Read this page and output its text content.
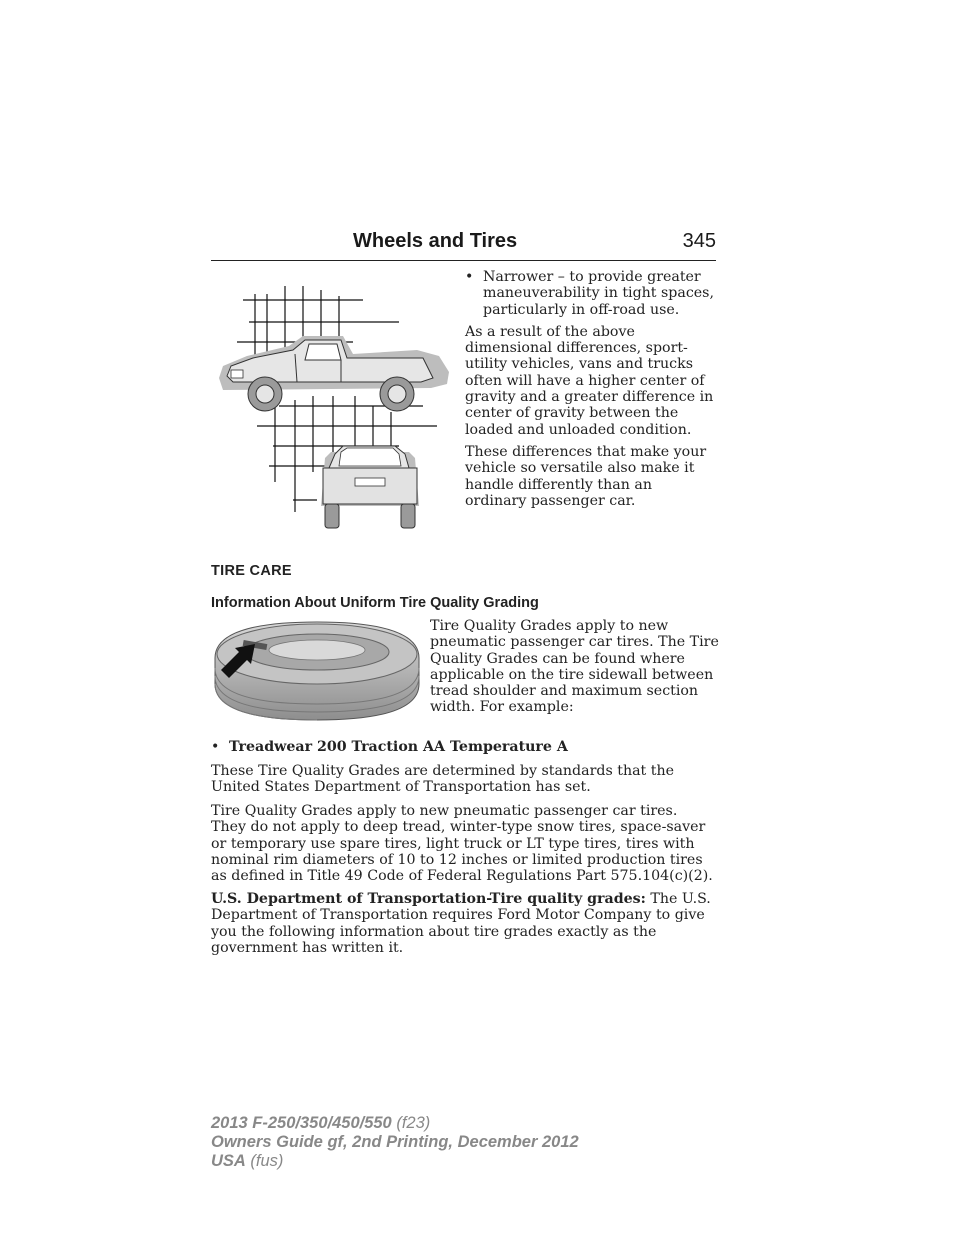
Wheels and Tires	345
• Narrower – to provide greater maneuverability in tight spaces, particularly in off-road use.

As a result of the above dimensional differences, sport-utility vehicles, vans and trucks often will have a higher center of gravity and a greater difference in center of gravity between the loaded and unloaded condition.

These differences that make your vehicle so versatile also make it handle differently than an ordinary passenger car.

TIRE CARE
Information About Uniform Tire Quality Grading
Tire Quality Grades apply to new pneumatic passenger car tires. The Tire Quality Grades can be found where applicable on the tire sidewall between tread shoulder and maximum section width. For example:
• Treadwear 200 Traction AA Temperature A

These Tire Quality Grades are determined by standards that the United States Department of Transportation has set.

Tire Quality Grades apply to new pneumatic passenger car tires.

They do not apply to deep tread, winter-type snow tires, space-saver or temporary use spare tires, light truck or LT type tires, tires with nominal rim diameters of 10 to 12 inches or limited production tires as defined in Title 49 Code of Federal Regulations Part 575.104(c)(2).

U.S. Department of Transportation-Tire quality grades: The U.S. Department of Transportation requires Ford Motor Company to give you the following information about tire grades exactly as the government has written it.

2013 F-250/350/450/550 (f23)
Owners Guide gf, 2nd Printing, December 2012
USA (fus)
